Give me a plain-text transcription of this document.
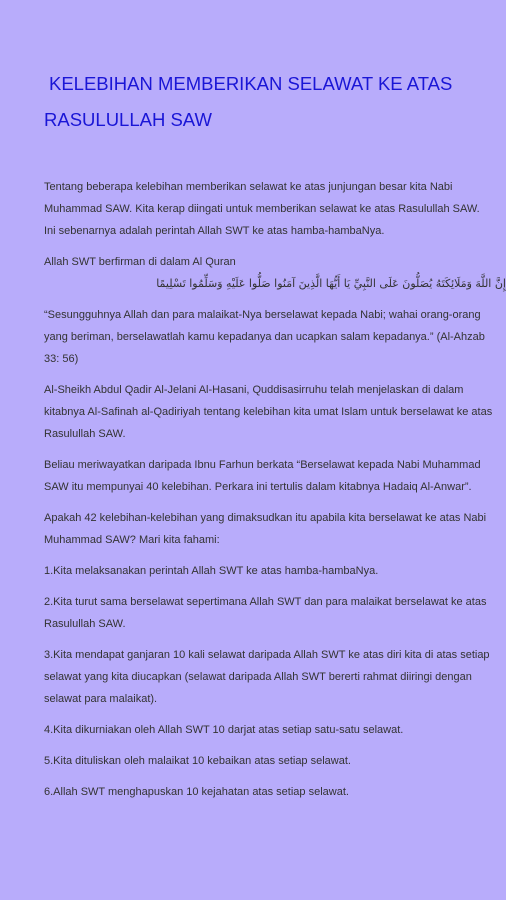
KELEBIHAN MEMBERIKAN SELAWAT KE ATAS
RASULULLAH SAW

Tentang beberapa kelebihan memberikan selawat ke atas junjungan besar kita Nabi
Muhammad SAW. Kita kerap diingati untuk memberikan selawat ke atas Rasulullah SAW.
Ini sebenarnya adalah perintah Allah SWT ke atas hamba-hambaNya.

Allah SWT berfirman di dalam Al Quran
إِنَّ اللَّهَ وَمَلَائِكَتَهُ يُصَلُّونَ عَلَى النَّبِيِّ يَا أَيُّهَا الَّذِينَ آمَنُوا صَلُّوا عَلَيْهِ وَسَلِّمُوا تَسْلِيمًا

“Sesungguhnya Allah dan para malaikat-Nya berselawat kepada Nabi; wahai orang-orang
yang beriman, berselawatlah kamu kepadanya dan ucapkan salam kepadanya.” (Al-Ahzab
33: 56)

Al-Sheikh Abdul Qadir Al-Jelani Al-Hasani, Quddisasirruhu telah menjelaskan di dalam
kitabnya Al-Safinah al-Qadiriyah tentang kelebihan kita umat Islam untuk berselawat ke atas
Rasulullah SAW.

Beliau meriwayatkan daripada Ibnu Farhun berkata “Berselawat kepada Nabi Muhammad
SAW itu mempunyai 40 kelebihan. Perkara ini tertulis dalam kitabnya Hadaiq Al-Anwar”.

Apakah 42 kelebihan-kelebihan yang dimaksudkan itu apabila kita berselawat ke atas Nabi
Muhammad SAW? Mari kita fahami:

1.Kita melaksanakan perintah Allah SWT ke atas hamba-hambaNya.

2.Kita turut sama berselawat sepertimana Allah SWT dan para malaikat berselawat ke atas
Rasulullah SAW.

3.Kita mendapat ganjaran 10 kali selawat daripada Allah SWT ke atas diri kita di atas setiap
selawat yang kita diucapkan (selawat daripada Allah SWT bererti rahmat diiringi dengan
selawat para malaikat).

4.Kita dikurniakan oleh Allah SWT 10 darjat atas setiap satu-satu selawat.

5.Kita dituliskan oleh malaikat 10 kebaikan atas setiap selawat.

6.Allah SWT menghapuskan 10 kejahatan atas setiap selawat.
